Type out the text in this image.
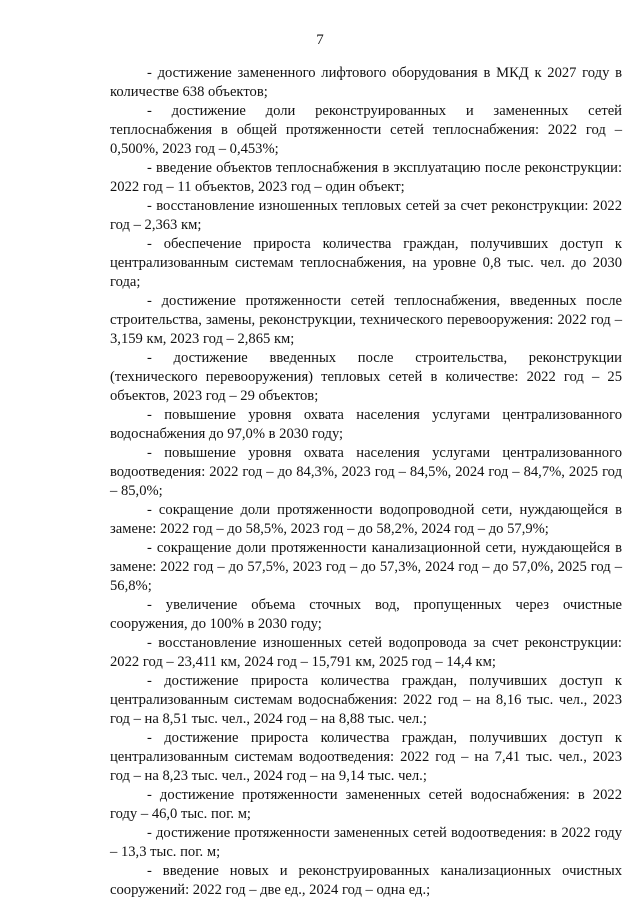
7

- достижение замененного лифтового оборудования в МКД к 2027 году в количестве 638 объектов;

- достижение доли реконструированных и замененных сетей теплоснабжения в общей протяженности сетей теплоснабжения: 2022 год – 0,500%, 2023 год – 0,453%;

- введение объектов теплоснабжения в эксплуатацию после реконструкции: 2022 год – 11 объектов, 2023 год – один объект;

- восстановление изношенных тепловых сетей за счет реконструкции: 2022 год – 2,363 км;

- обеспечение прироста количества граждан, получивших доступ к централизованным системам теплоснабжения, на уровне 0,8 тыс. чел. до 2030 года;

- достижение протяженности сетей теплоснабжения, введенных после строительства, замены, реконструкции, технического перевооружения: 2022 год – 3,159 км, 2023 год – 2,865 км;

- достижение введенных после строительства, реконструкции (технического перевооружения) тепловых сетей в количестве: 2022 год – 25 объектов, 2023 год – 29 объектов;

- повышение уровня охвата населения услугами централизованного водоснабжения до 97,0% в 2030 году;

- повышение уровня охвата населения услугами централизованного водоотведения: 2022 год – до 84,3%, 2023 год – 84,5%, 2024 год – 84,7%, 2025 год – 85,0%;

- сокращение доли протяженности водопроводной сети, нуждающейся в замене: 2022 год – до 58,5%, 2023 год – до 58,2%, 2024 год – до 57,9%;

- сокращение доли протяженности канализационной сети, нуждающейся в замене: 2022 год – до 57,5%, 2023 год – до 57,3%, 2024 год – до 57,0%, 2025 год – 56,8%;

- увеличение объема сточных вод, пропущенных через очистные сооружения, до 100% в 2030 году;

- восстановление изношенных сетей водопровода за счет реконструкции: 2022 год – 23,411 км, 2024 год – 15,791 км, 2025 год – 14,4 км;

- достижение прироста количества граждан, получивших доступ к централизованным системам водоснабжения: 2022 год – на 8,16 тыс. чел., 2023 год – на 8,51 тыс. чел., 2024 год – на 8,88 тыс. чел.;

- достижение прироста количества граждан, получивших доступ к централизованным системам водоотведения: 2022 год – на 7,41 тыс. чел., 2023 год – на 8,23 тыс. чел., 2024 год – на 9,14 тыс. чел.;

- достижение протяженности замененных сетей водоснабжения: в 2022 году – 46,0 тыс. пог. м;

- достижение протяженности замененных сетей водоотведения: в 2022 году – 13,3 тыс. пог. м;

- введение новых и реконструированных канализационных очистных сооружений: 2022 год – две ед., 2024 год – одна ед.;
